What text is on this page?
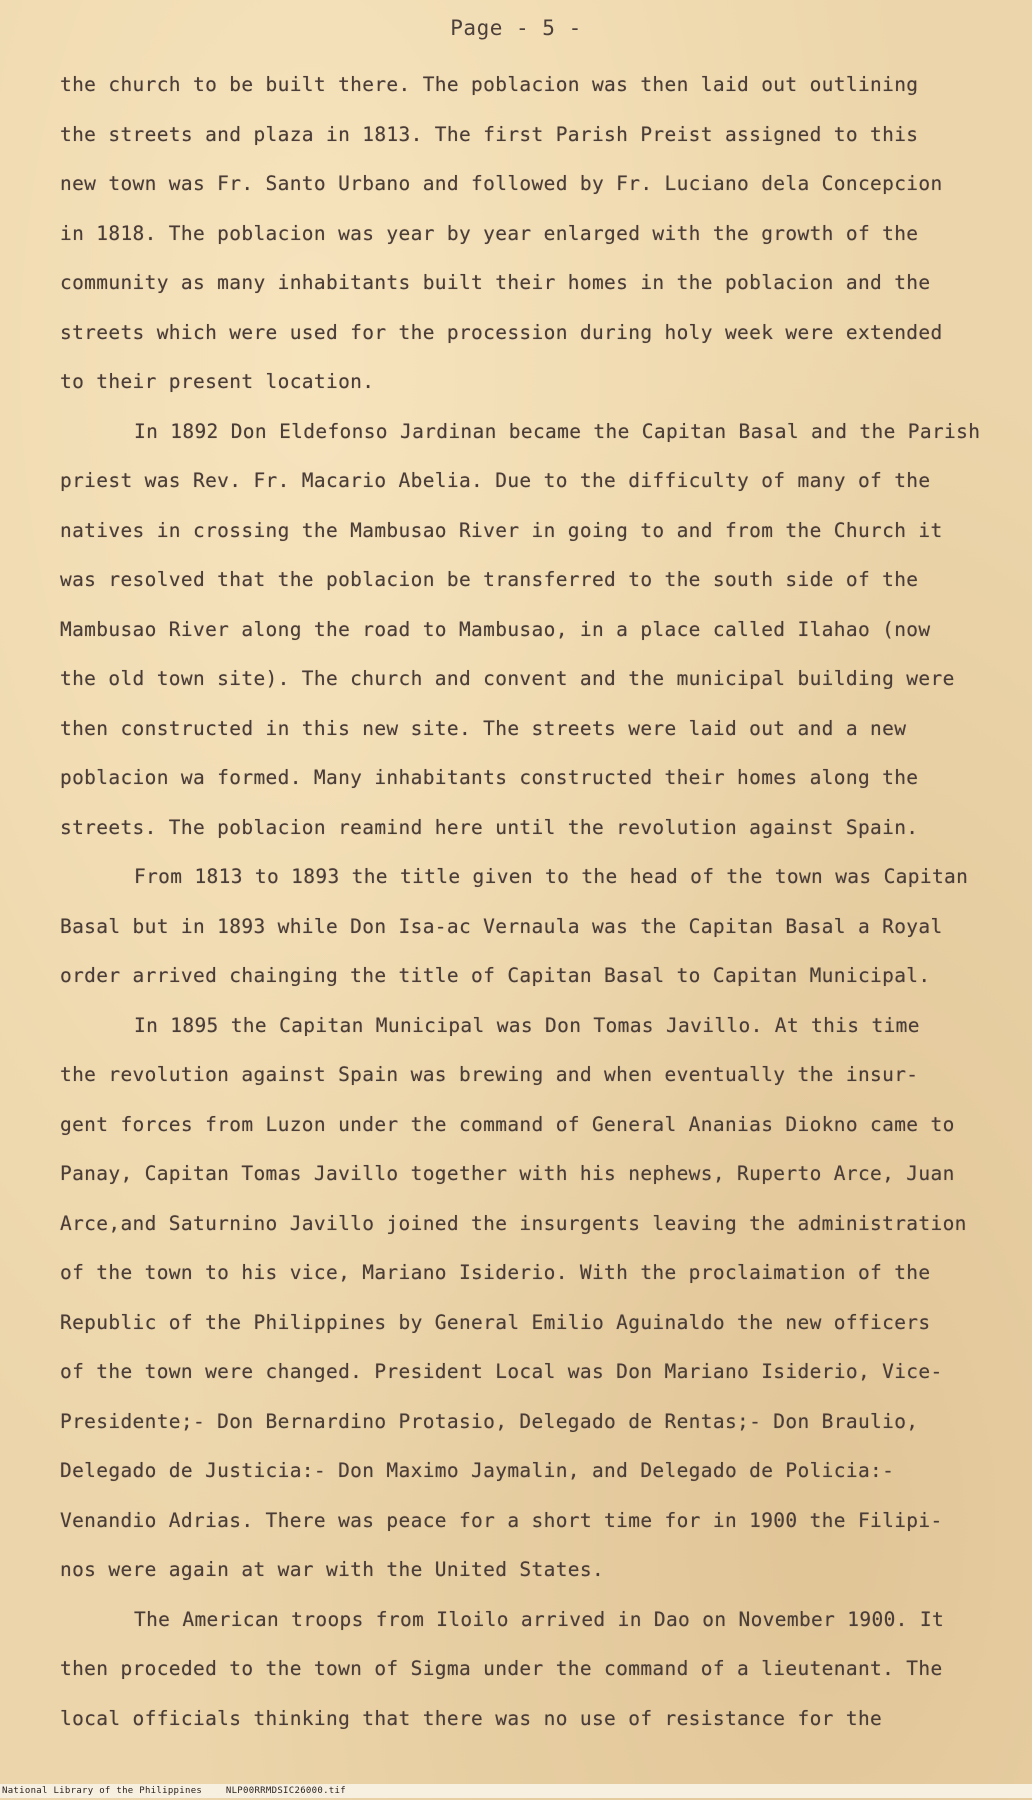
Page - 5 -
the church to be built there. The poblacion was then laid out outlining
the streets and plaza in 1813. The first Parish Preist assigned to this
new town was Fr. Santo Urbano and followed by Fr. Luciano dela Concepcion
in 1818. The poblacion was year by year enlarged with the growth of the
community as many inhabitants built their homes in the poblacion and the
streets which were used for the procession during holy week were extended
to their present location.
In 1892 Don Eldefonso Jardinan became the Capitan Basal and the Parish
priest was Rev. Fr. Macario Abelia. Due to the difficulty of many of the
natives in crossing the Mambusao River in going to and from the Church it
was resolved that the poblacion be transferred to the south side of the
Mambusao River along the road to Mambusao, in a place called Ilahao (now
the old town site). The church and convent and the municipal building were
then constructed in this new site. The streets were laid out and a new
poblacion wa formed. Many inhabitants constructed their homes along the
streets. The poblacion reamind here until the revolution against Spain.
From 1813 to 1893 the title given to the head of the town was Capitan
Basal but in 1893 while Don Isa-ac Vernaula was the Capitan Basal a Royal
order arrived chainging the title of Capitan Basal to Capitan Municipal.
In 1895 the Capitan Municipal was Don Tomas Javillo. At this time
the revolution against Spain was brewing and when eventually the insur-
gent forces from Luzon under the command of General Ananias Diokno came to
Panay, Capitan Tomas Javillo together with his nephews, Ruperto Arce, Juan
Arce,and Saturnino Javillo joined the insurgents leaving the administration
of the town to his vice, Mariano Isiderio. With the proclaimation of the
Republic of the Philippines by General Emilio Aguinaldo the new officers
of the town were changed. President Local was Don Mariano Isiderio, Vice-
Presidente;- Don Bernardino Protasio, Delegado de Rentas;- Don Braulio,
Delegado de Justicia:- Don Maximo Jaymalin, and Delegado de Policia:-
Venandio Adrias. There was peace for a short time for in 1900 the Filipi-
nos were again at war with the United States.
The American troops from Iloilo arrived in Dao on November 1900. It
then proceded to the town of Sigma under the command of a lieutenant. The
local officials thinking that there was no use of resistance for the
National Library of the Philippines	NLP00RRMDSIC26000.tif
